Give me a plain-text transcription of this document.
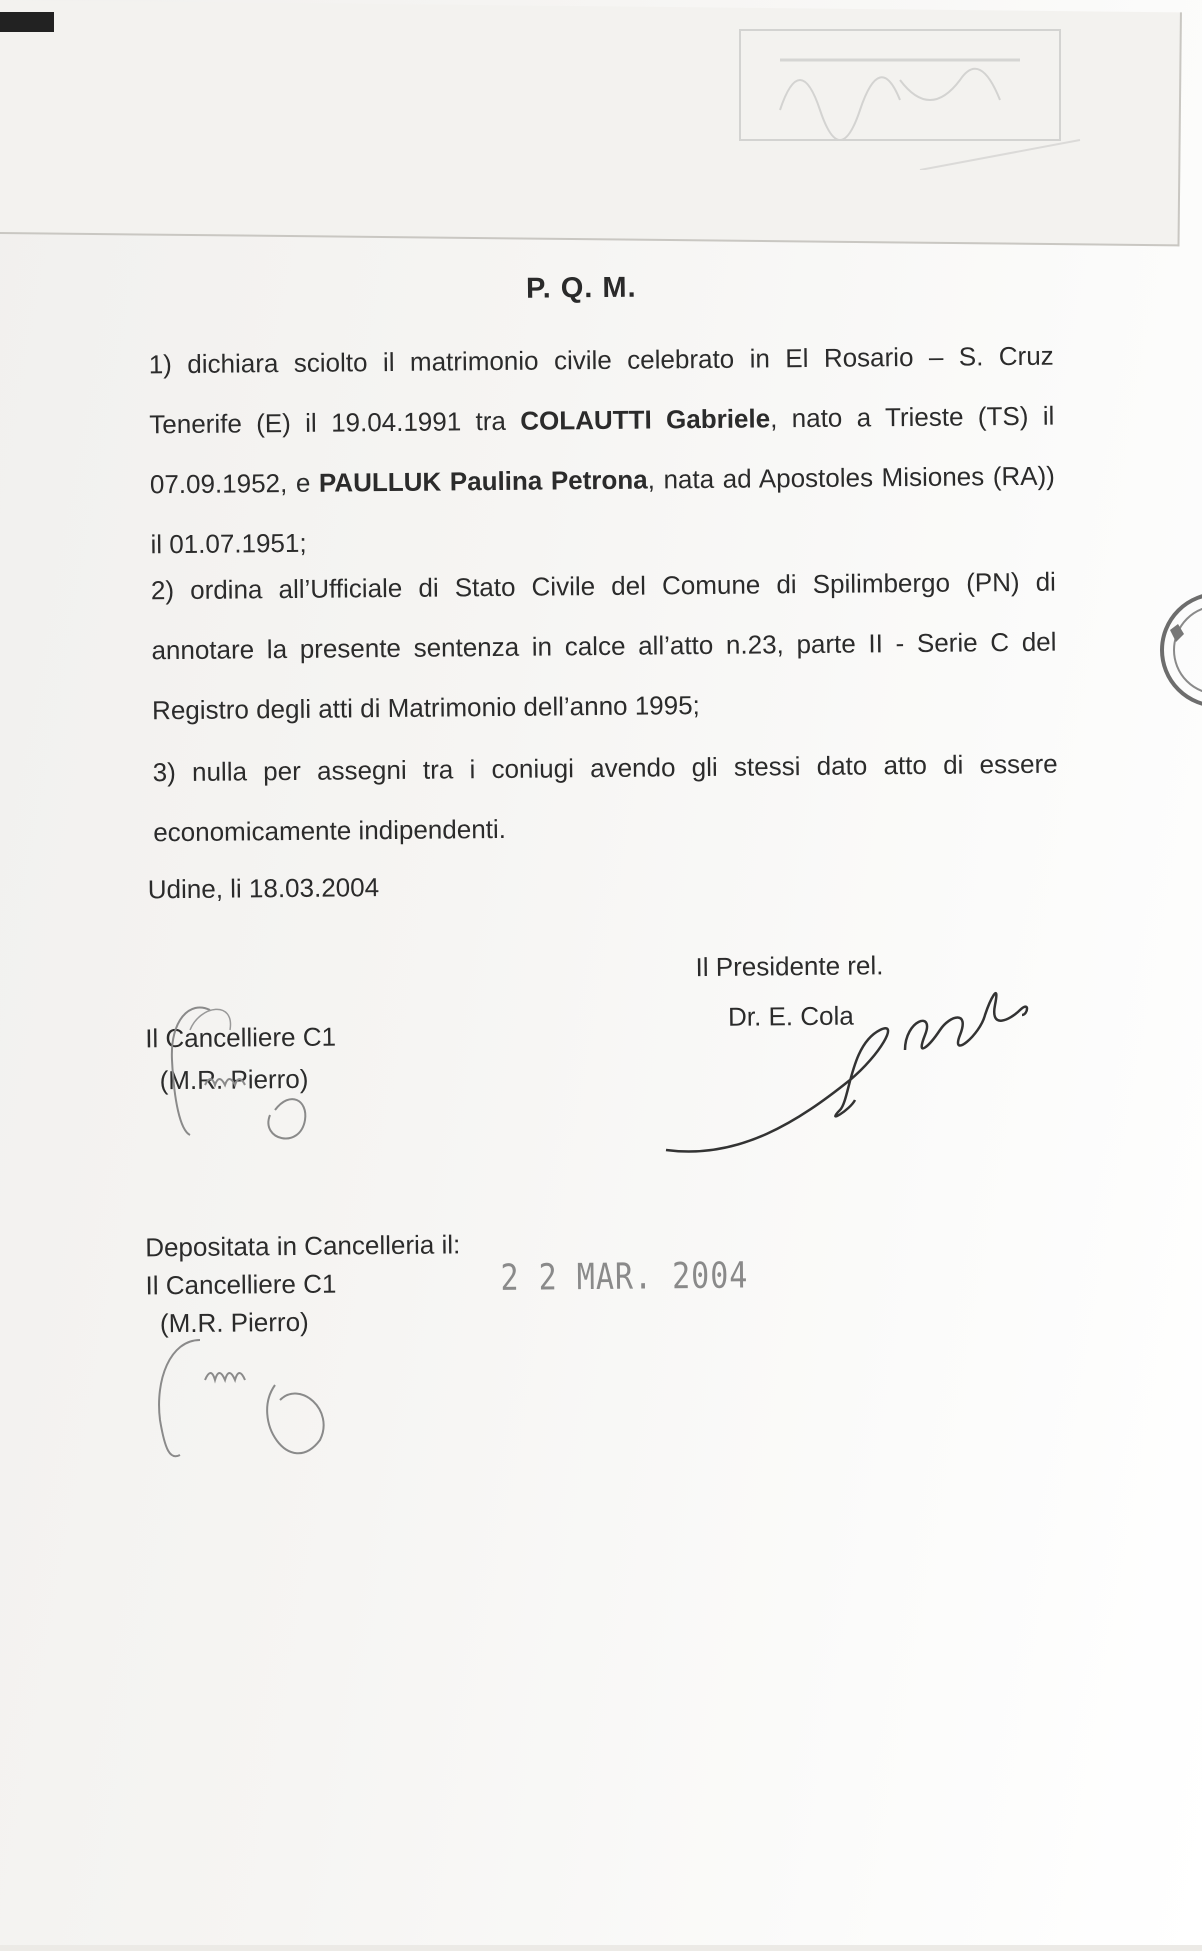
P. Q. M.
1) dichiara sciolto il matrimonio civile celebrato in El Rosario – S. Cruz Tenerife (E) il 19.04.1991 tra COLAUTTI Gabriele, nato a Trieste (TS) il 07.09.1952, e PAULLUK Paulina Petrona, nata ad Apostoles Misiones (RA)) il 01.07.1951;
2) ordina all’Ufficiale di Stato Civile del Comune di Spilimbergo (PN) di annotare la presente sentenza in calce all’atto n.23, parte II - Serie C del Registro degli atti di Matrimonio dell’anno 1995;
3) nulla per assegni tra i coniugi avendo gli stessi dato atto di essere economicamente indipendenti.
Udine, li 18.03.2004
Il Presidente rel.
Dr. E. Cola
Il Cancelliere C1
(M.R. Pierro)
Depositata in Cancelleria il:
Il Cancelliere C1
(M.R. Pierro)
2 2 MAR. 2004
